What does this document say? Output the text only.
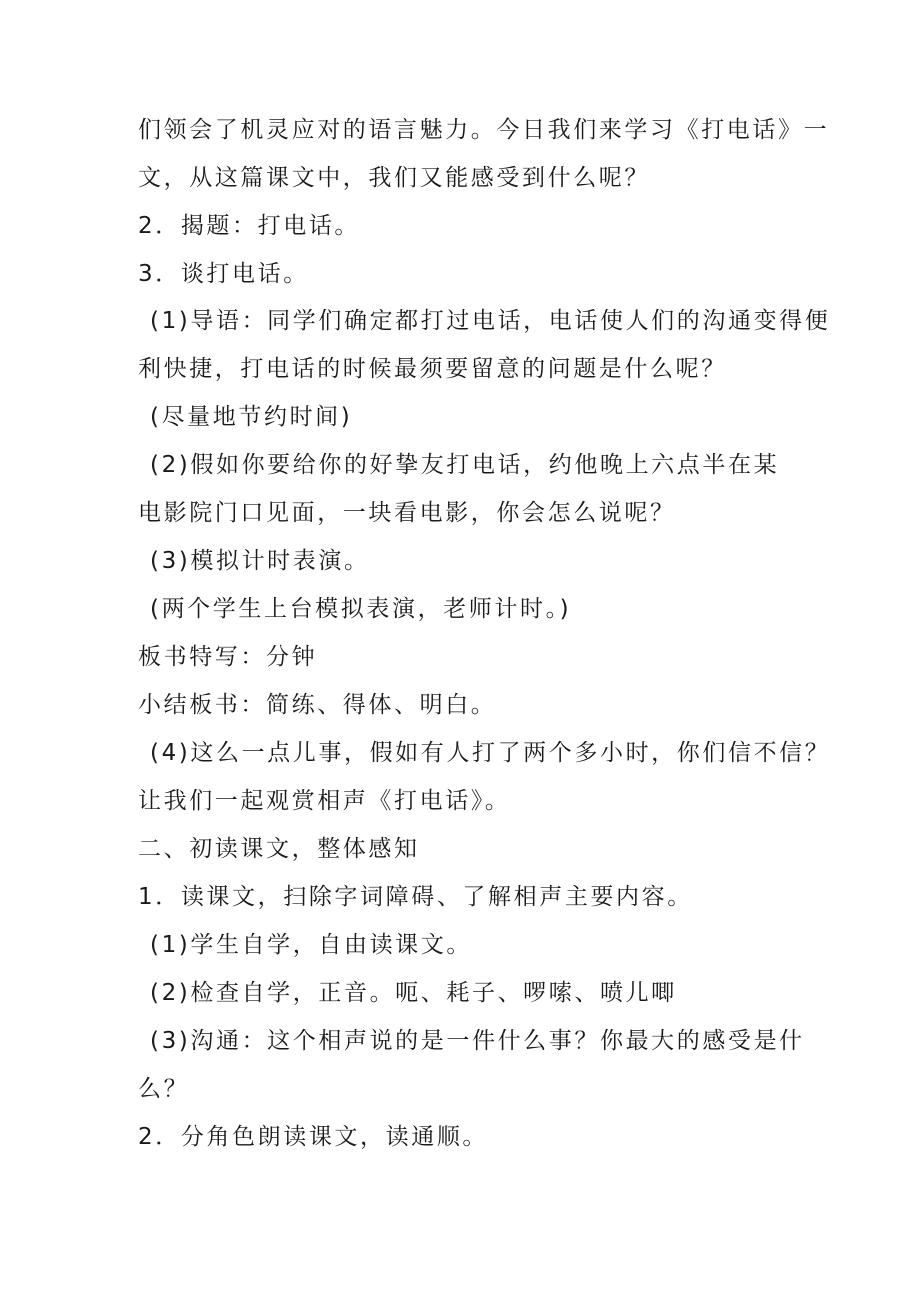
们领会了机灵应对的语言魅力。今日我们来学习《打电话》一
文，从这篇课文中，我们又能感受到什么呢？
2．揭题：打电话。
3．谈打电话。
(1)导语：同学们确定都打过电话，电话使人们的沟通变得便
利快捷，打电话的时候最须要留意的问题是什么呢？
(尽量地节约时间)
(2)假如你要给你的好挚友打电话，约他晚上六点半在某
电影院门口见面，一块看电影，你会怎么说呢？
(3)模拟计时表演。
(两个学生上台模拟表演，老师计时。)
板书特写：分钟
小结板书：简练、得体、明白。
(4)这么一点儿事，假如有人打了两个多小时，你们信不信？
让我们一起观赏相声《打电话》。
二、初读课文，整体感知
1．读课文，扫除字词障碍、了解相声主要内容。
(1)学生自学，自由读课文。
(2)检查自学，正音。呃、耗子、啰嗦、喷儿唧
(3)沟通：这个相声说的是一件什么事？你最大的感受是什
么？
2．分角色朗读课文，读通顺。
